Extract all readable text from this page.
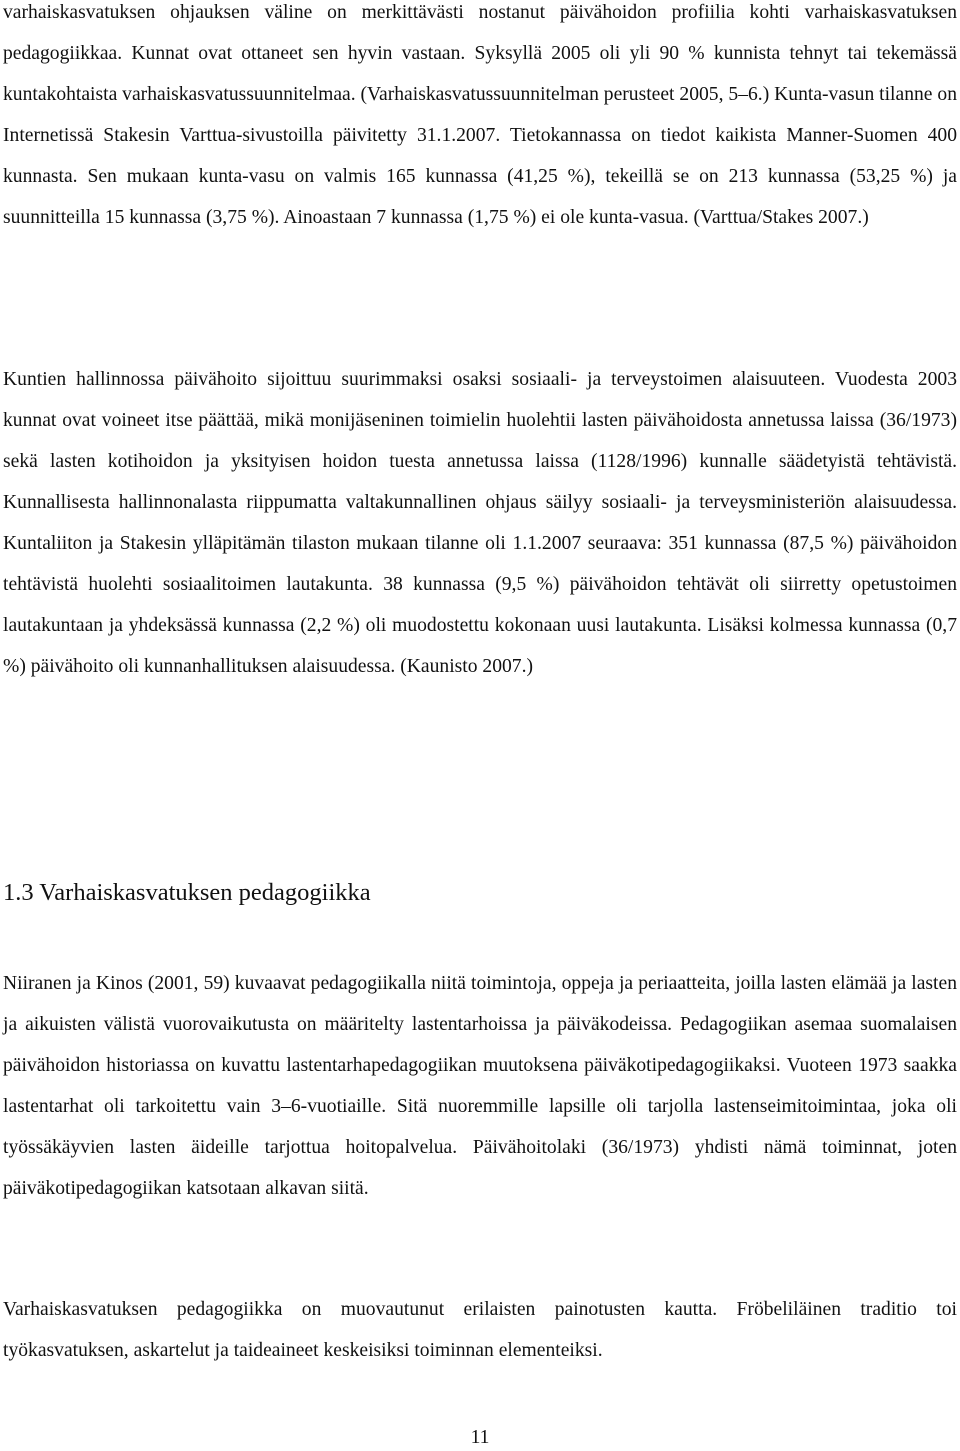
varhaiskasvatuksen ohjauksen väline on merkittävästi nostanut päivähoidon profiilia kohti varhaiskasvatuksen pedagogiikkaa. Kunnat ovat ottaneet sen hyvin vastaan. Syksyllä 2005 oli yli 90 % kunnista tehnyt tai tekemässä kuntakohtaista varhaiskasvatussuunnitelmaa. (Varhaiskasvatussuunnitelman perusteet 2005, 5–6.) Kunta-vasun tilanne on Internetissä Stakesin Varttua-sivustoilla päivitetty 31.1.2007. Tietokannassa on tiedot kaikista Manner-Suomen 400 kunnasta. Sen mukaan kunta-vasu on valmis 165 kunnassa (41,25 %), tekeillä se on 213 kunnassa (53,25 %) ja suunnitteilla 15 kunnassa (3,75 %). Ainoastaan 7 kunnassa (1,75 %) ei ole kunta-vasua. (Varttua/Stakes 2007.)

Kuntien hallinnossa päivähoito sijoittuu suurimmaksi osaksi sosiaali- ja terveystoimen alaisuuteen. Vuodesta 2003 kunnat ovat voineet itse päättää, mikä monijäseninen toimielin huolehtii lasten päivähoidosta annetussa laissa (36/1973) sekä lasten kotihoidon ja yksityisen hoidon tuesta annetussa laissa (1128/1996) kunnalle säädetyistä tehtävistä. Kunnallisesta hallinnonalasta riippumatta valtakunnallinen ohjaus säilyy sosiaali- ja terveysministeriön alaisuudessa. Kuntaliiton ja Stakesin ylläpitämän tilaston mukaan tilanne oli 1.1.2007 seuraava: 351 kunnassa (87,5 %) päivähoidon tehtävistä huolehti sosiaalitoimen lautakunta. 38 kunnassa (9,5 %) päivähoidon tehtävät oli siirretty opetustoimen lautakuntaan ja yhdeksässä kunnassa (2,2 %) oli muodostettu kokonaan uusi lautakunta. Lisäksi kolmessa kunnassa (0,7 %) päivähoito oli kunnanhallituksen alaisuudessa. (Kaunisto 2007.)

1.3 Varhaiskasvatuksen pedagogiikka

Niiranen ja Kinos (2001, 59) kuvaavat pedagogiikalla niitä toimintoja, oppeja ja periaatteita, joilla lasten elämää ja lasten ja aikuisten välistä vuorovaikutusta on määritelty lastentarhoissa ja päiväkodeissa. Pedagogiikan asemaa suomalaisen päivähoidon historiassa on kuvattu lastentarhapedagogiikan muutoksena päiväkotipedagogiikaksi. Vuoteen 1973 saakka lastentarhat oli tarkoitettu vain 3–6-vuotiaille. Sitä nuoremmille lapsille oli tarjolla lastenseimitoimintaa, joka oli työssäkäyvien lasten äideille tarjottua hoitopalvelua. Päivähoitolaki (36/1973) yhdisti nämä toiminnat, joten päiväkotipedagogiikan katsotaan alkavan siitä.

Varhaiskasvatuksen pedagogiikka on muovautunut erilaisten painotusten kautta. Fröbeliläinen traditio toi työkasvatuksen, askartelut ja taideaineet keskeisiksi toiminnan elementeiksi.

11
